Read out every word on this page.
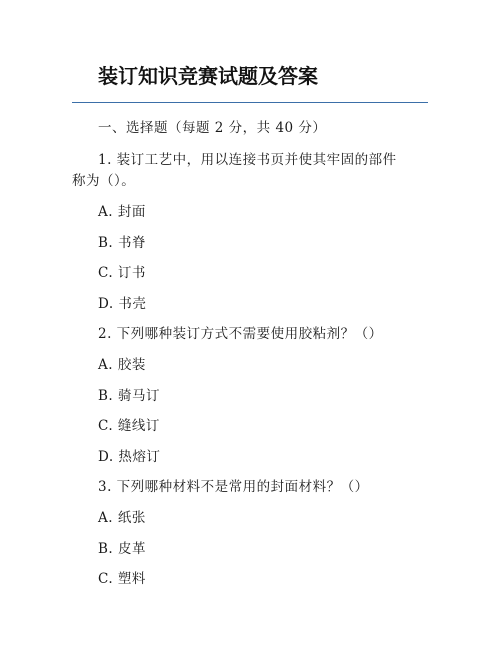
装订知识竞赛试题及答案
一、选择题（每题 2 分，共 40 分）
1. 装订工艺中，用以连接书页并使其牢固的部件
称为（）。
A. 封面
B. 书脊
C. 订书
D. 书壳
2. 下列哪种装订方式不需要使用胶粘剂？（）
A. 胶装
B. 骑马订
C. 缝线订
D. 热熔订
3. 下列哪种材料不是常用的封面材料？（）
A. 纸张
B. 皮革
C. 塑料
